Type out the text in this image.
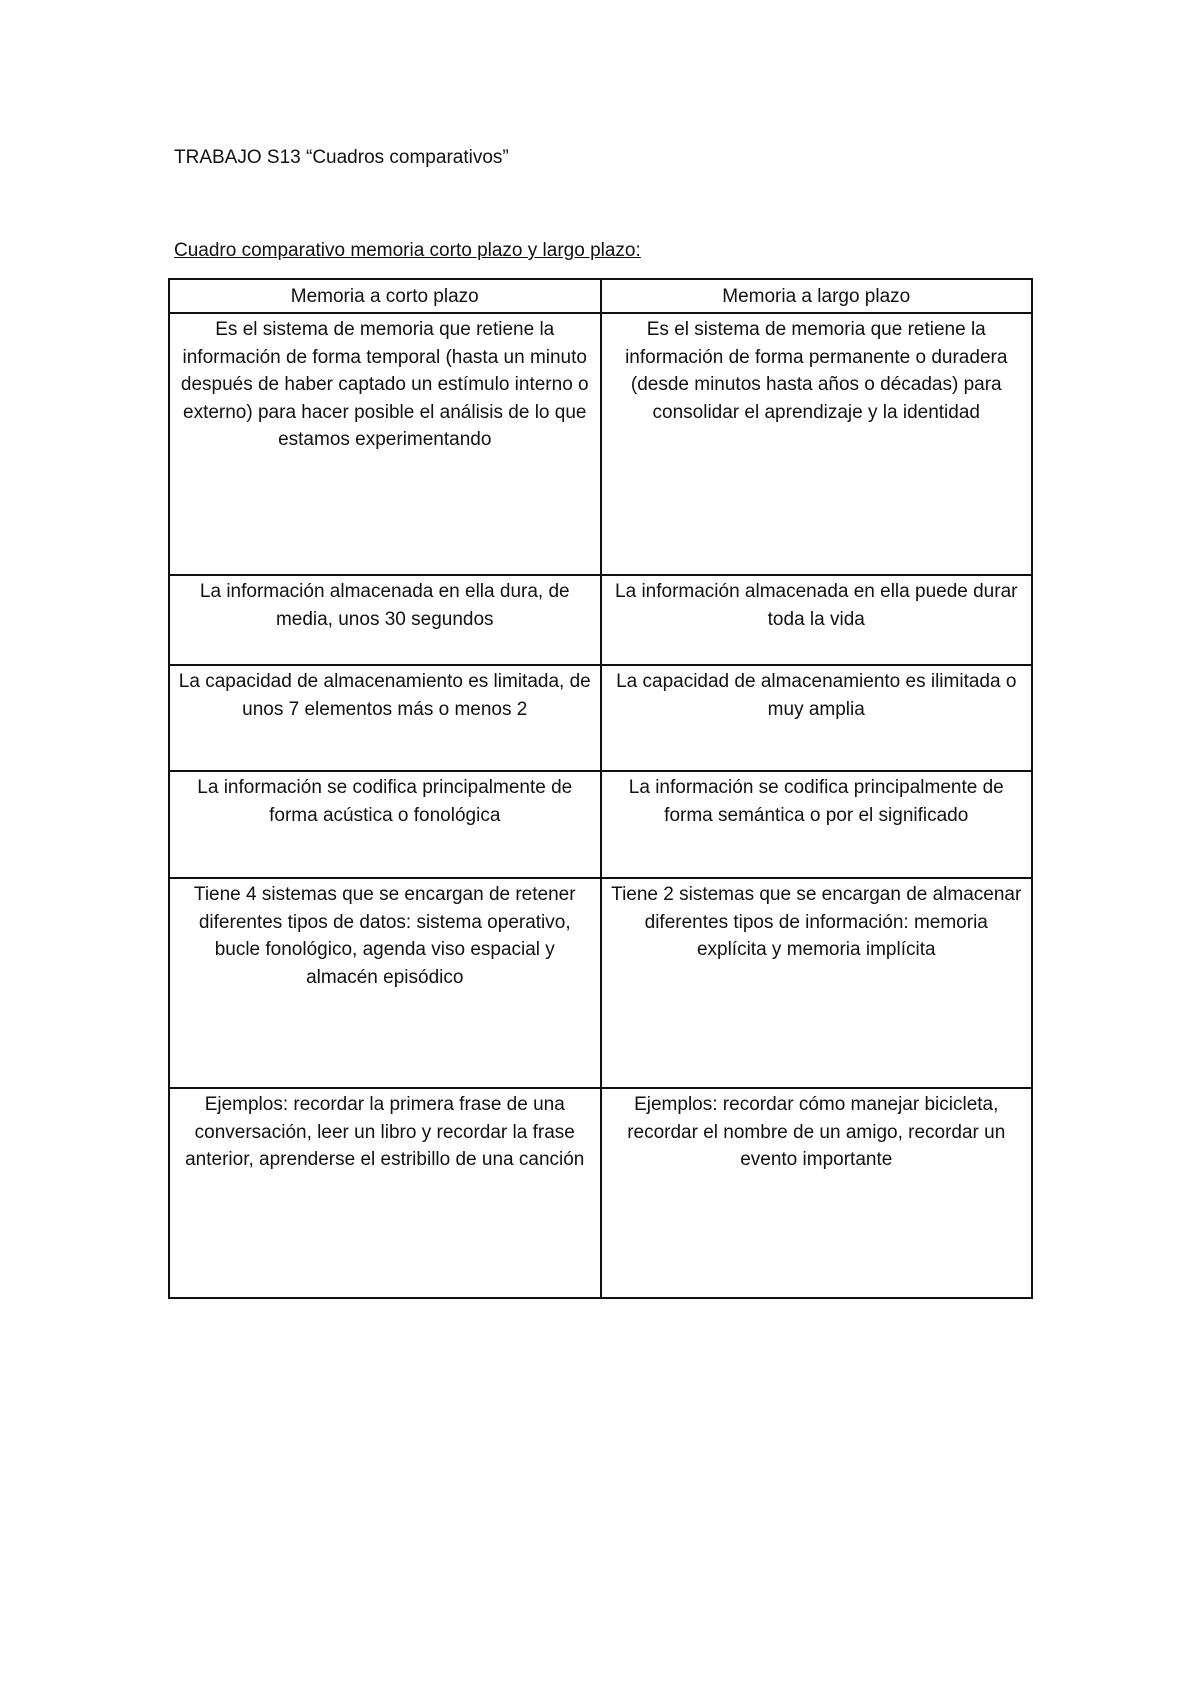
TRABAJO S13 “Cuadros comparativos”
Cuadro comparativo memoria corto plazo y largo plazo:
Memoria a corto plazo	Memoria a largo plazo
Es el sistema de memoria que retiene la información de forma temporal (hasta un minuto después de haber captado un estímulo interno o externo) para hacer posible el análisis de lo que estamos experimentando	Es el sistema de memoria que retiene la información de forma permanente o duradera (desde minutos hasta años o décadas) para consolidar el aprendizaje y la identidad
La información almacenada en ella dura, de media, unos 30 segundos	La información almacenada en ella puede durar toda la vida
La capacidad de almacenamiento es limitada, de unos 7 elementos más o menos 2	La capacidad de almacenamiento es ilimitada o muy amplia
La información se codifica principalmente de forma acústica o fonológica	La información se codifica principalmente de forma semántica o por el significado
Tiene 4 sistemas que se encargan de retener diferentes tipos de datos: sistema operativo, bucle fonológico, agenda viso espacial y almacén episódico	Tiene 2 sistemas que se encargan de almacenar diferentes tipos de información: memoria explícita y memoria implícita
Ejemplos: recordar la primera frase de una conversación, leer un libro y recordar la frase anterior, aprenderse el estribillo de una canción	Ejemplos: recordar cómo manejar bicicleta, recordar el nombre de un amigo, recordar un evento importante
